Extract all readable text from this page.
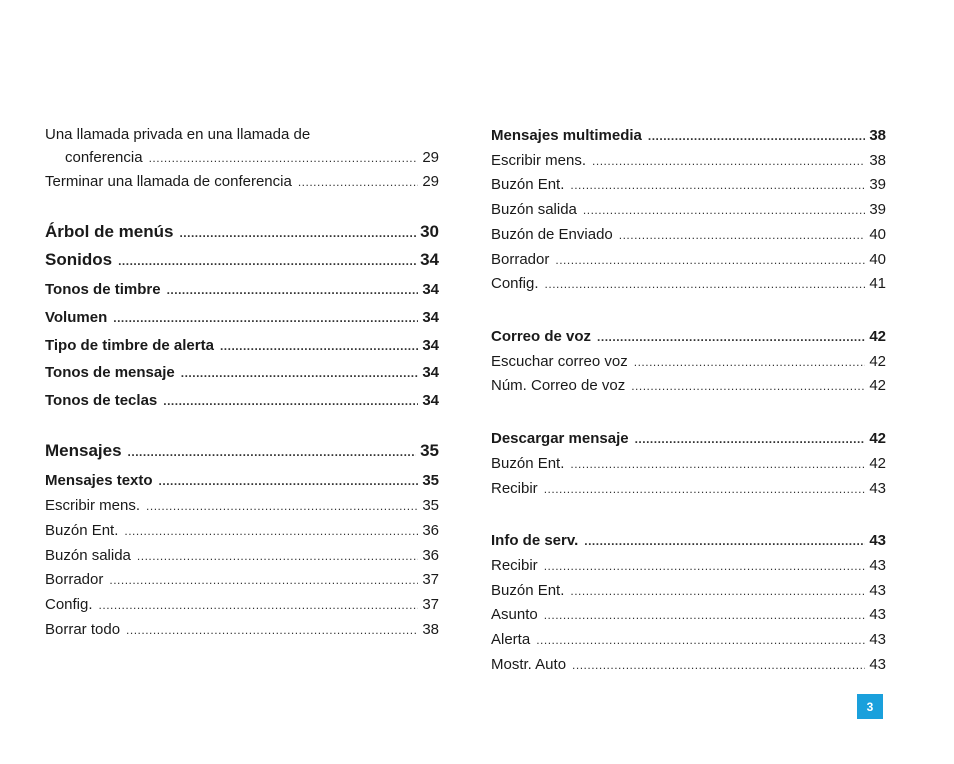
Una llamada privada en una llamada de
conferencia .....	29
Terminar una llamada de conferencia .....	29
Árbol de menús .....	30
Sonidos .....	34
Tonos de timbre .....	34
Volumen .....	34
Tipo de timbre de alerta .....	34
Tonos de mensaje .....	34
Tonos de teclas .....	34
Mensajes .....	35
Mensajes texto .....	35
Escribir mens. .....	35
Buzón Ent. .....	36
Buzón salida .....	36
Borrador .....	37
Config. .....	37
Borrar todo .....	38
Mensajes multimedia .....	38
Escribir mens. .....	38
Buzón Ent. .....	39
Buzón salida .....	39
Buzón de Enviado .....	40
Borrador .....	40
Config. .....	41
Correo de voz .....	42
Escuchar correo voz .....	42
Núm. Correo de voz .....	42
Descargar mensaje .....	42
Buzón Ent. .....	42
Recibir .....	43
Info de serv. .....	43
Recibir .....	43
Buzón Ent. .....	43
Asunto .....	43
Alerta .....	43
Mostr. Auto .....	43
3
